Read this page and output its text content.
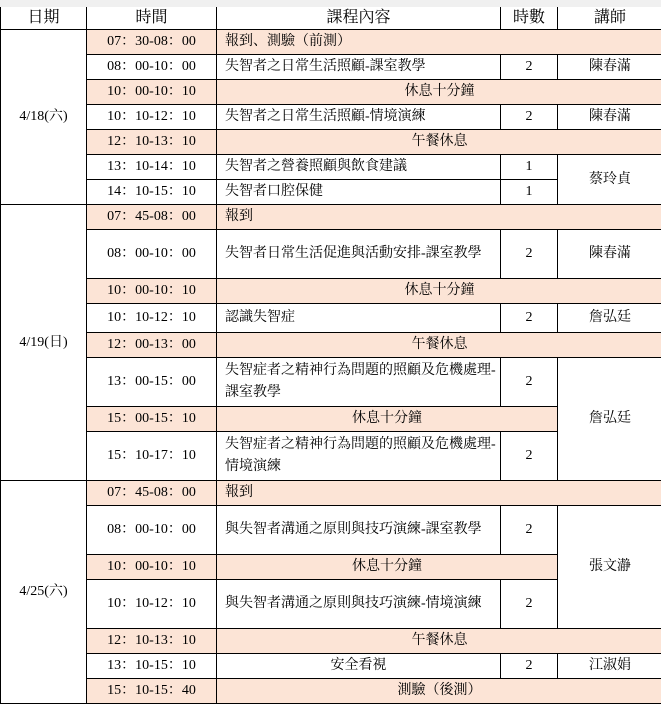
日期	時間	課程內容	時數	講師
4/18(六)	07：30-08：00	報到、測驗（前測）		
	08：00-10：00	失智者之日常生活照顧-課室教學	2	陳春滿
	10：00-10：10	休息十分鐘		
	10：10-12：10	失智者之日常生活照顧-情境演練	2	陳春滿
	12：10-13：10	午餐休息		
	13：10-14：10	失智者之營養照顧與飲食建議	1	蔡玲貞
	14：10-15：10	失智者口腔保健	1	
4/19(日)	07：45-08：00	報到		
	08：00-10：00	失智者日常生活促進與活動安排-課室教學	2	陳春滿
	10：00-10：10	休息十分鐘		
	10：10-12：10	認識失智症	2	詹弘廷
	12：00-13：00	午餐休息		
	13：00-15：00	失智症者之精神行為問題的照顧及危機處理-課室教學	2	詹弘廷
	15：00-15：10	休息十分鐘		
	15：10-17：10	失智症者之精神行為問題的照顧及危機處理-情境演練	2	
4/25(六)	07：45-08：00	報到		
	08：00-10：00	與失智者溝通之原則與技巧演練-課室教學	2	張文瀞
	10：00-10：10	休息十分鐘		
	10：10-12：10	與失智者溝通之原則與技巧演練-情境演練	2	
	12：10-13：10	午餐休息		
	13：10-15：10	安全看視	2	江淑娟
	15：10-15：40	測驗（後測）		
